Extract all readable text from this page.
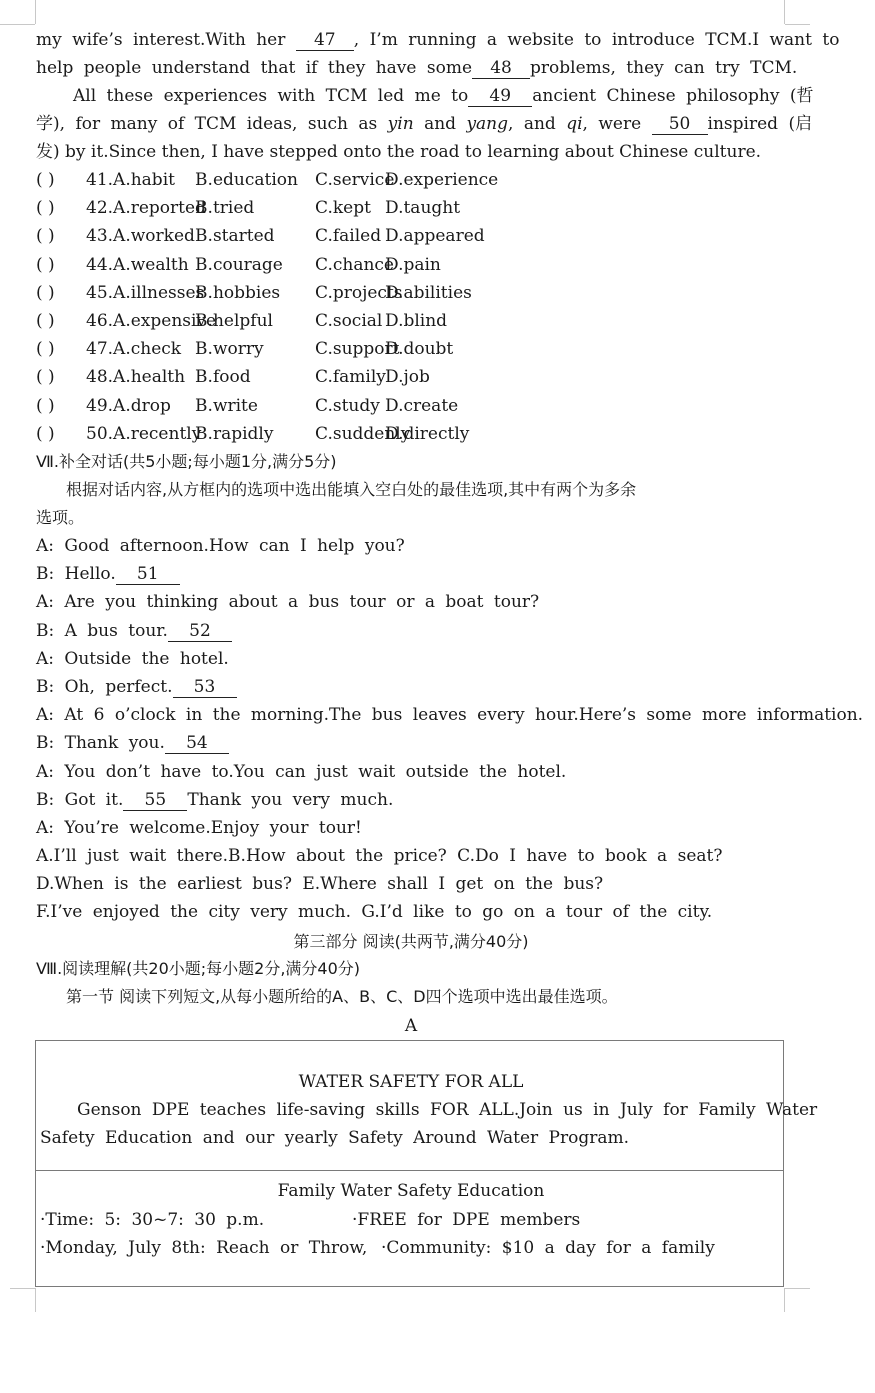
my wife’s interest.With her 47 , I’m running a website to introduce TCM.I want to
help people understand that if they have some 48 problems, they can try TCM.
All these experiences with TCM led me to 49 ancient Chinese philosophy (哲
学), for many of TCM ideas, such as yin and yang, and qi, were 50 inspired (启
发) by it.Since then, I have stepped onto the road to learning about Chinese culture.
( ) 41.A.habit B.education C.serviceD.experience
( ) 42.A.reportedB.tried	C.kept D.taught
( ) 43.A.workedB.started C.failed D.appeared
( ) 44.A.wealth B.courage C.chanceD.pain
( ) 45.A.illnessesB.hobbies C.projectsD.abilities
( ) 46.A.expensiveB.helpful C.social D.blind
( ) 47.A.check B.worry	C.supportD.doubt
( ) 48.A.health B.food	C.familyD.job
( ) 49.A.drop B.write	C.study D.create
( ) 50.A.recentlyB.rapidly C.suddenlyD.directly
Ⅶ.补全对话(共5小题;每小题1分,满分5分)
根据对话内容,从方框内的选项中选出能填入空白处的最佳选项,其中有两个为多余
选项。
A: Good afternoon.How can I help you?
B: Hello. 51
A: Are you thinking about a bus tour or a boat tour?
B: A bus tour. 52
A: Outside the hotel.
B: Oh, perfect. 53
A: At 6 o’clock in the morning.The bus leaves every hour.Here’s some more information.
B: Thank you. 54
A: You don’t have to.You can just wait outside the hotel.
B: Got it. 55 Thank you very much.
A: You’re welcome.Enjoy your tour!
A.I’ll just wait there.B.How about the price? C.Do I have to book a seat?
D.When is the earliest bus? E.Where shall I get on the bus?
F.I’ve enjoyed the city very much. G.I’d like to go on a tour of the city.
第三部分 阅读(共两节,满分40分)
Ⅷ.阅读理解(共20小题;每小题2分,满分40分)
第一节 阅读下列短文,从每小题所给的A、B、C、D四个选项中选出最佳选项。
A
WATER SAFETY FOR ALL
Genson DPE teaches life-saving skills FOR ALL.Join us in July for Family Water
Safety Education and our yearly Safety Around Water Program.
Family Water Safety Education
·Time: 5: 30~7: 30 p.m.	·FREE for DPE members
·Monday, July 8th: Reach or Throw, ·Community: $10 a day for a family
